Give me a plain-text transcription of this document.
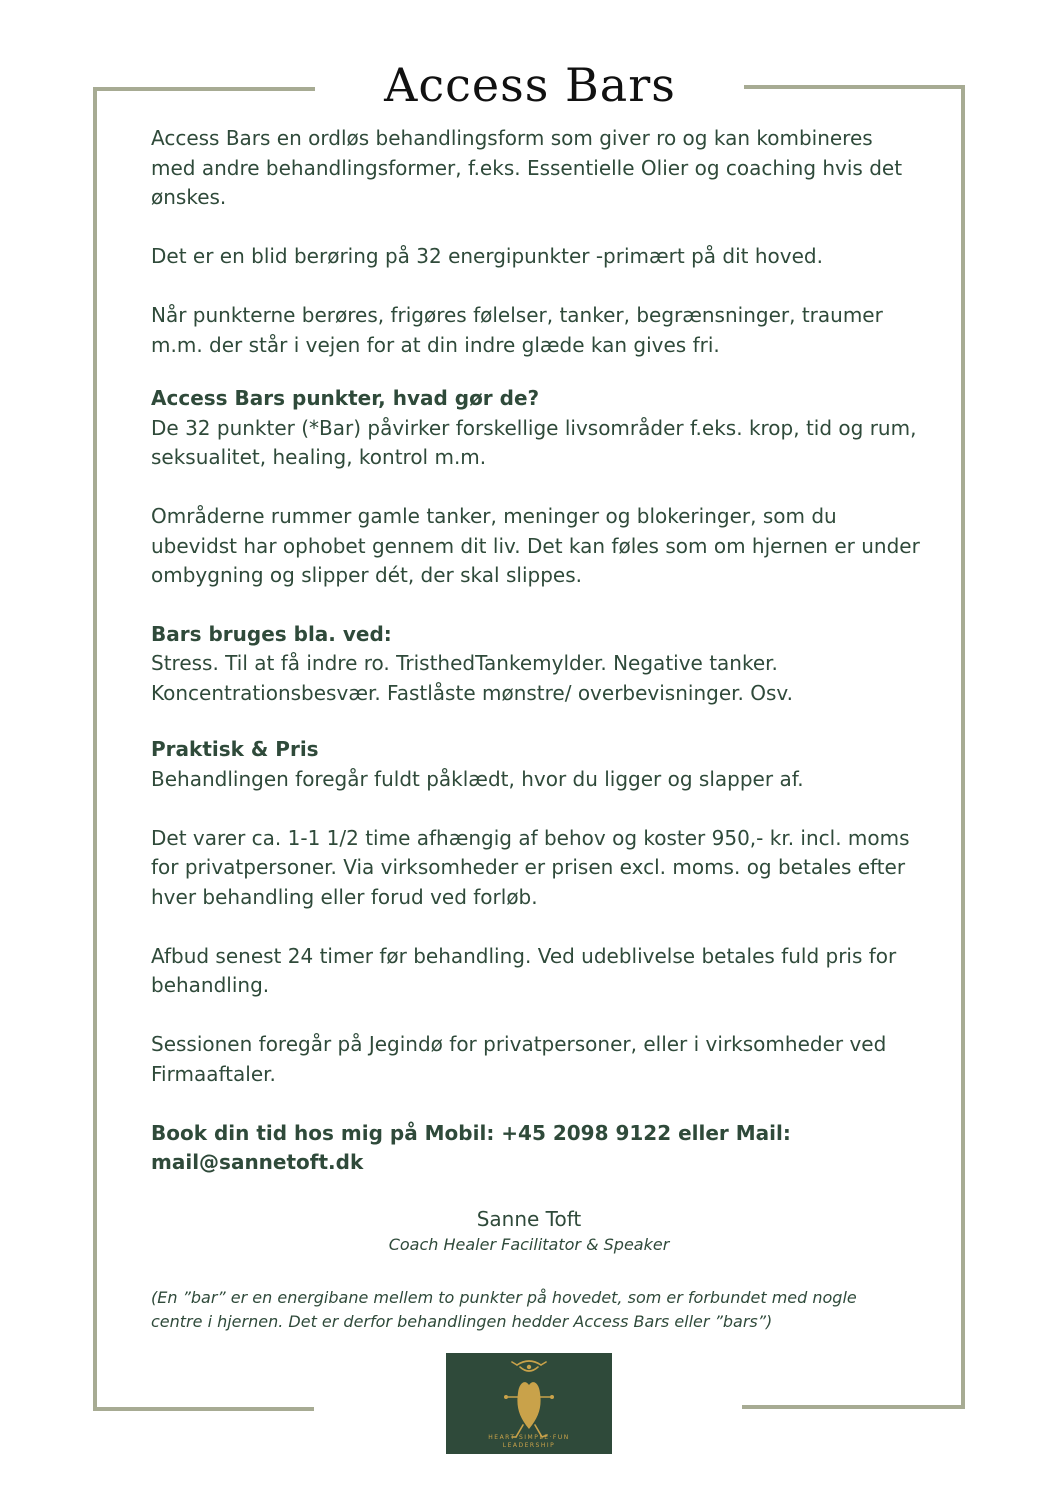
Access Bars

Access Bars en ordløs behandlingsform som giver ro og kan kombineres med andre behandlingsformer, f.eks. Essentielle Olier og coaching hvis det ønskes.

Det er en blid berøring på 32 energipunkter -primært på dit hoved.

Når punkterne berøres, frigøres følelser, tanker, begrænsninger, traumer m.m. der står i vejen for at din indre glæde kan gives fri.

Access Bars punkter, hvad gør de?

De 32 punkter (*Bar) påvirker forskellige livsområder f.eks. krop, tid og rum, seksualitet, healing, kontrol m.m.

Områderne rummer gamle tanker, meninger og blokeringer, som du ubevidst har ophobet gennem dit liv. Det kan føles som om hjernen er under ombygning og slipper dét, der skal slippes.

Bars bruges bla. ved:

Stress. Til at få indre ro. TristhedTankemylder. Negative tanker. Koncentrationsbesvær. Fastlåste mønstre/ overbevisninger. Osv.

Praktisk & Pris

Behandlingen foregår fuldt påklædt, hvor du ligger og slapper af.

Det varer ca. 1-1 1/2 time afhængig af behov og koster 950,- kr. incl. moms for privatpersoner. Via virksomheder er prisen excl. moms. og betales efter hver behandling eller forud ved forløb.

Afbud senest 24 timer før behandling. Ved udeblivelse betales fuld pris for behandling.

Sessionen foregår på Jegindø for privatpersoner, eller i virksomheder ved Firmaaftaler.

Book din tid hos mig på Mobil: +45 2098 9122 eller Mail: mail@sannetoft.dk

Sanne Toft
Coach Healer Facilitator & Speaker
(En ”bar” er en energibane mellem to punkter på hovedet, som er forbundet med nogle centre i hjernen. Det er derfor behandlingen hedder Access Bars eller ”bars”)
HEART·SIMPLE·FUN
LEADERSHIP
